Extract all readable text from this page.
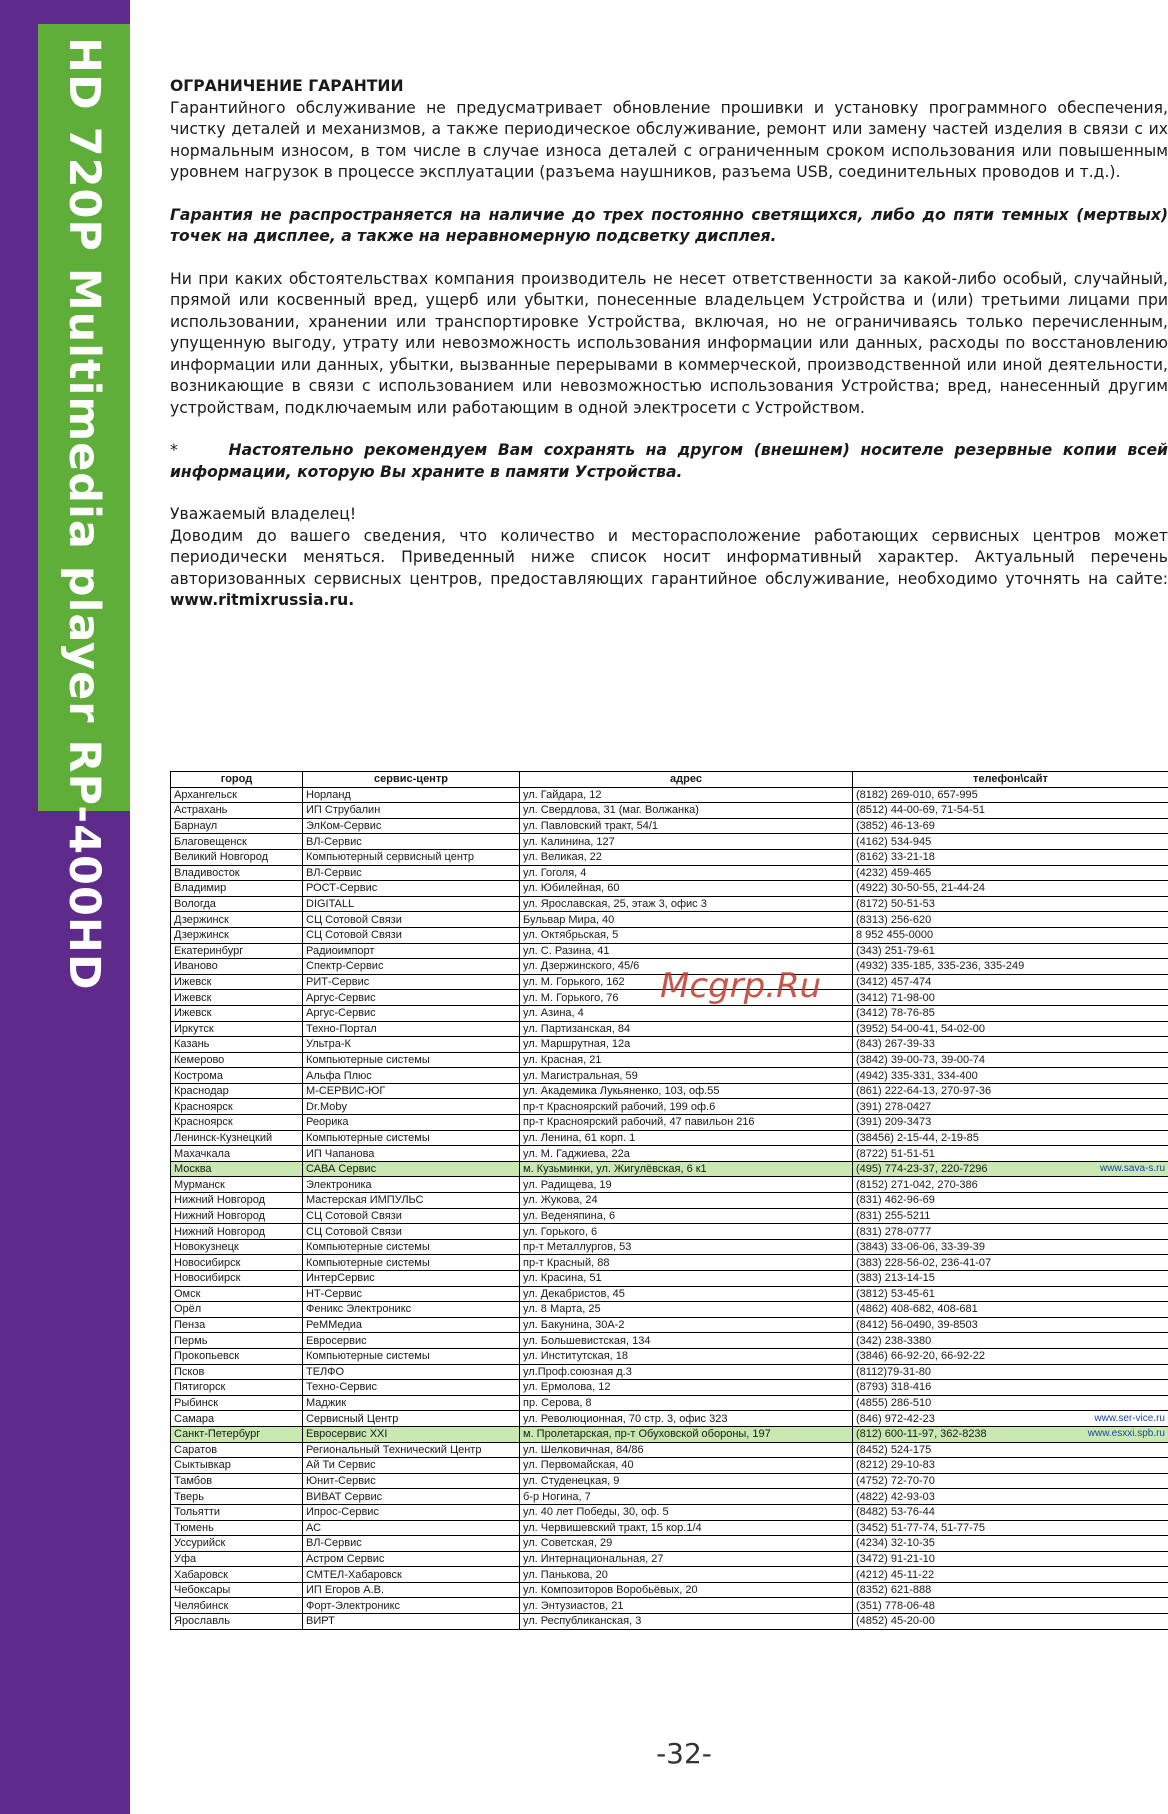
HD 720P Multimedia player RP-400HD	ОГРАНИЧЕНИЕ ГАРАНТИИ

Гарантийного обслуживание не предусматривает обновление прошивки и установку программного обеспечения, чистку деталей и механизмов, а также периодическое обслуживание, ремонт или замену частей изделия в связи с их нормальным износом, в том числе в случае износа деталей с ограниченным сроком использования или повышенным уровнем нагрузок в процессе эксплуатации (разъема наушников, разъема USB, соединительных проводов и т.д.).

Гарантия не распространяется на наличие до трех постоянно светящихся, либо до пяти темных (мертвых) точек на дисплее, а также на неравномерную подсветку дисплея.

Ни при каких обстоятельствах компания производитель не несет ответственности за какой-либо особый, случайный, прямой или косвенный вред, ущерб или убытки, понесенные владельцем Устройства и (или) третьими лицами при использовании, хранении или транспортировке Устройства, включая, но не ограничиваясь только перечисленным, упущенную выгоду, утрату или невозможность использования информации или данных, расходы по восстановлению информации или данных, убытки, вызванные перерывами в коммерческой, производственной или иной деятельности, возникающие в связи с использованием или невозможностью использования Устройства; вред, нанесенный другим устройствам, подключаемым или работающим в одной электросети с Устройством.

*	Настоятельно рекомендуем Вам сохранять на другом (внешнем) носителе резервные копии всей информации, которую Вы храните в памяти Устройства.

Уважаемый владелец!

Доводим до вашего сведения, что количество и месторасположение работающих сервисных центров может периодически меняться. Приведенный ниже список носит информативный характер. Актуальный перечень авторизованных сервисных центров, предоставляющих гарантийное обслуживание, необходимо уточнять на сайте: www.ritmixrussia.ru.

город	сервис-центр	адрес	телефон\сайт
Архангельск	Норланд	ул. Гайдара, 12	(8182) 269-010, 657-995
Астрахань	ИП Струбалин	ул. Свердлова, 31 (маг. Волжанка)	(8512) 44-00-69, 71-54-51
Барнаул	ЭлКом-Сервис	ул. Павловский тракт, 54/1	(3852) 46-13-69
Благовещенск	ВЛ-Сервис	ул. Калинина, 127	(4162) 534-945
Великий Новгород	Компьютерный сервисный центр	ул. Великая, 22	(8162) 33-21-18
Владивосток	ВЛ-Сервис	ул. Гоголя, 4	(4232) 459-465
Владимир	РОСТ-Сервис	ул. Юбилейная, 60	(4922) 30-50-55, 21-44-24
Вологда	DIGITALL	ул. Ярославская, 25, этаж 3, офис 3	(8172) 50-51-53
Дзержинск	СЦ Сотовой Связи	Бульвар Мира, 40	(8313) 256-620
Дзержинск	СЦ Сотовой Связи	ул. Октябрьская, 5	8 952 455-0000
Екатеринбург	Радиоимпорт	ул. С. Разина, 41	(343) 251-79-61
Иваново	Спектр-Сервис	ул. Дзержинского, 45/6	(4932) 335-185, 335-236, 335-249
Ижевск	РИТ-Сервис	ул. М. Горького, 162	(3412) 457-474
Ижевск	Аргус-Сервис	ул. М. Горького, 76	(3412) 71-98-00
Ижевск	Аргус-Сервис	ул. Азина, 4	(3412) 78-76-85
Иркутск	Техно-Портал	ул. Партизанская, 84	(3952) 54-00-41, 54-02-00
Казань	Ультра-К	ул. Маршрутная, 12а	(843) 267-39-33
Кемерово	Компьютерные системы	ул. Красная, 21	(3842) 39-00-73, 39-00-74
Кострома	Альфа Плюс	ул. Магистральная, 59	(4942) 335-331, 334-400
Краснодар	М-СЕРВИС-ЮГ	ул. Академика Лукьяненко, 103, оф.55	(861) 222-64-13, 270-97-36
Красноярск	Dr.Moby	пр-т Красноярский рабочий, 199 оф.6	(391) 278-0427
Красноярск	Реорика	пр-т Красноярский рабочий, 47 павильон 216	(391) 209-3473
Ленинск-Кузнецкий	Компьютерные системы	ул. Ленина, 61 корп. 1	(38456) 2-15-44, 2-19-85
Махачкала	ИП Чапанова	ул. М. Гаджиева, 22а	(8722) 51-51-51
Москва	САВА Сервис	м. Кузьминки, ул. Жигулёвская, 6 к1	(495) 774-23-37, 220-7296 www.sava-s.ru

Мурманск	Электроника	ул. Радищева, 19	(8152) 271-042, 270-386
Нижний Новгород	Мастерская ИМПУЛЬС	ул. Жукова, 24	(831) 462-96-69
Нижний Новгород	СЦ Сотовой Связи	ул. Веденяпина, 6	(831) 255-5211
Нижний Новгород	СЦ Сотовой Связи	ул. Горького, 6	(831) 278-0777
Новокузнецк	Компьютерные системы	пр-т Металлургов, 53	(3843) 33-06-06, 33-39-39
Новосибирск	Компьютерные системы	пр-т Красный, 88	(383) 228-56-02, 236-41-07
Новосибирск	ИнтерСервис	ул. Красина, 51	(383) 213-14-15
Омск	НТ-Сервис	ул. Декабристов, 45	(3812) 53-45-61
Орёл	Феникс Электроникс	ул. 8 Марта, 25	(4862) 408-682, 408-681
Пенза	РеММедиа	ул. Бакунина, 30А-2	(8412) 56-0490, 39-8503
Пермь	Евросервис	ул. Большевистская, 134	(342) 238-3380
Прокопьевск	Компьютерные системы	ул. Институтская, 18	(3846) 66-92-20, 66-92-22
Псков	ТЕЛФО	ул.Проф.союзная д.3	(8112)79-31-80
Пятигорск	Техно-Сервис	ул. Ермолова, 12	(8793) 318-416
Рыбинск	Маджик	пр. Серова, 8	(4855) 286-510
Самара	Сервисный Центр	ул. Революционная, 70 стр. 3, офис 323	(846) 972-42-23 www.ser-vice.ru

Санкт-Петербург	Евросервис XXI	м. Пролетарская, пр-т Обуховской обороны, 197	(812) 600-11-97, 362-8238 www.esxxi.spb.ru

Саратов	Региональный Технический Центр	ул. Шелковичная, 84/86	(8452) 524-175
Сыктывкар	Ай Ти Сервис	ул. Первомайская, 40	(8212) 29-10-83
Тамбов	Юнит-Сервис	ул. Студенецкая, 9	(4752) 72-70-70
Тверь	ВИВАТ Сервис	б-р Ногина, 7	(4822) 42-93-03
Тольятти	Ипрос-Сервис	ул. 40 лет Победы, 30, оф. 5	(8482) 53-76-44
Тюмень	АС	ул. Червишевский тракт, 15 кор.1/4	(3452) 51-77-74, 51-77-75
Уссурийск	ВЛ-Сервис	ул. Советская, 29	(4234) 32-10-35
Уфа	Астром Сервис	ул. Интернациональная, 27	(3472) 91-21-10
Хабаровск	СМТЕЛ-Хабаровск	ул. Панькова, 20	(4212) 45-11-22
Чебоксары	ИП Егоров А.В.	ул. Композиторов Воробьёвых, 20	(8352) 621-888
Челябинск	Форт-Электроникс	ул. Энтузиастов, 21	(351) 778-06-48
Ярославль	ВИРТ	ул. Республиканская, 3	(4852) 45-20-00
Mcgrp.Ru
-32-
